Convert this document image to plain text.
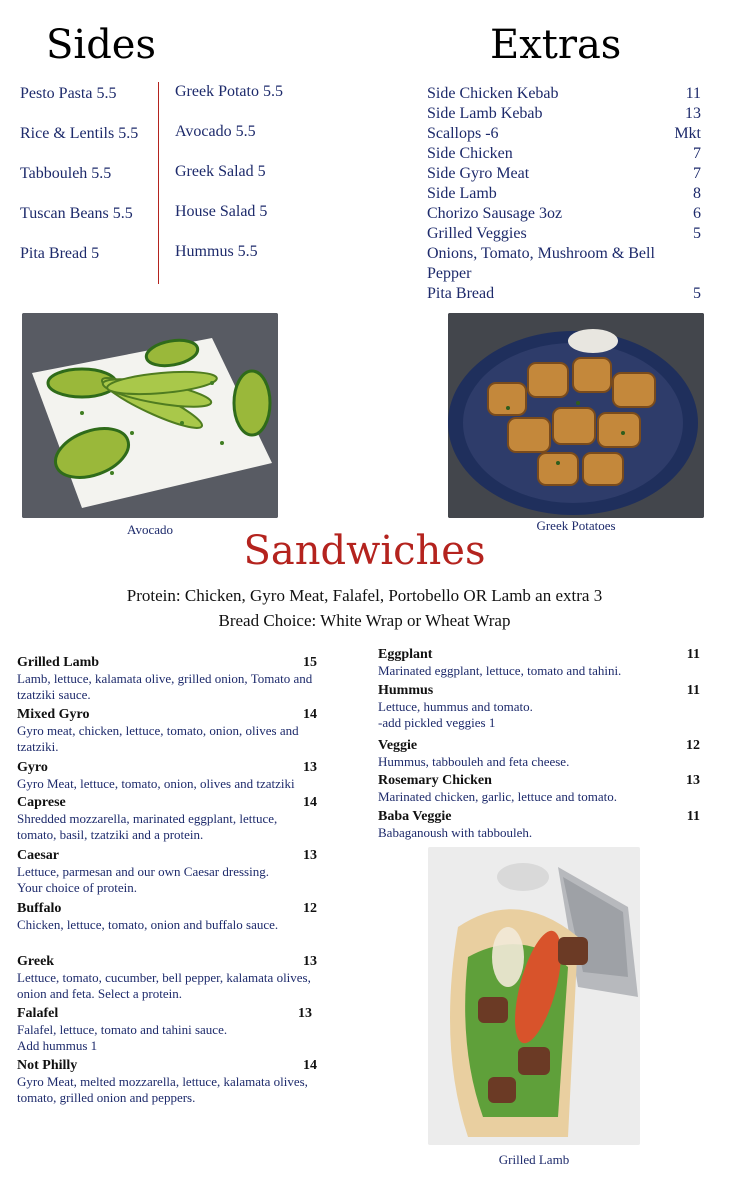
Sides
Pesto Pasta 5.5
Rice & Lentils 5.5
Tabbouleh 5.5
Tuscan Beans 5.5
Pita Bread 5
Greek Potato 5.5
Avocado 5.5
Greek Salad 5
House Salad 5
Hummus 5.5
Extras
Side Chicken Kebab	11
Side Lamb Kebab	13
Scallops -6	Mkt
Side Chicken	7
Side Gyro Meat	7
Side Lamb	8
Chorizo Sausage 3oz	6
Grilled Veggies	5
Onions, Tomato, Mushroom & Bell Pepper
Pita Bread	5
Avocado	Greek Potatoes
Sandwiches
Protein: Chicken, Gyro Meat, Falafel, Portobello OR Lamb an extra 3
Bread Choice: White Wrap or Wheat Wrap
Grilled Lamb	15
Lamb, lettuce, kalamata olive, grilled onion, Tomato and tzatziki sauce.
Mixed Gyro	14
Gyro meat, chicken, lettuce, tomato, onion, olives and tzatziki.
Gyro	13
Gyro Meat, lettuce, tomato, onion, olives and tzatziki
Caprese	14
Shredded mozzarella, marinated eggplant, lettuce, tomato, basil, tzatziki and a protein.
Caesar	13
Lettuce, parmesan and our own Caesar dressing. Your choice of protein.
Buffalo	12
Chicken, lettuce, tomato, onion and buffalo sauce.
Greek	13
Lettuce, tomato, cucumber, bell pepper, kalamata olives, onion and feta. Select a protein.
Falafel	13
Falafel, lettuce, tomato and tahini sauce.
Add hummus 1
Not Philly	14
Gyro Meat, melted mozzarella, lettuce, kalamata olives, tomato, grilled onion and peppers.
Eggplant	11
Marinated eggplant, lettuce, tomato and tahini.
Hummus	11
Lettuce, hummus and tomato.
-add pickled veggies 1
Veggie	12
Hummus, tabbouleh and feta cheese.
Rosemary Chicken	13
Marinated chicken, garlic, lettuce and tomato.
Baba Veggie	11
Babaganoush with tabbouleh.
Grilled Lamb
